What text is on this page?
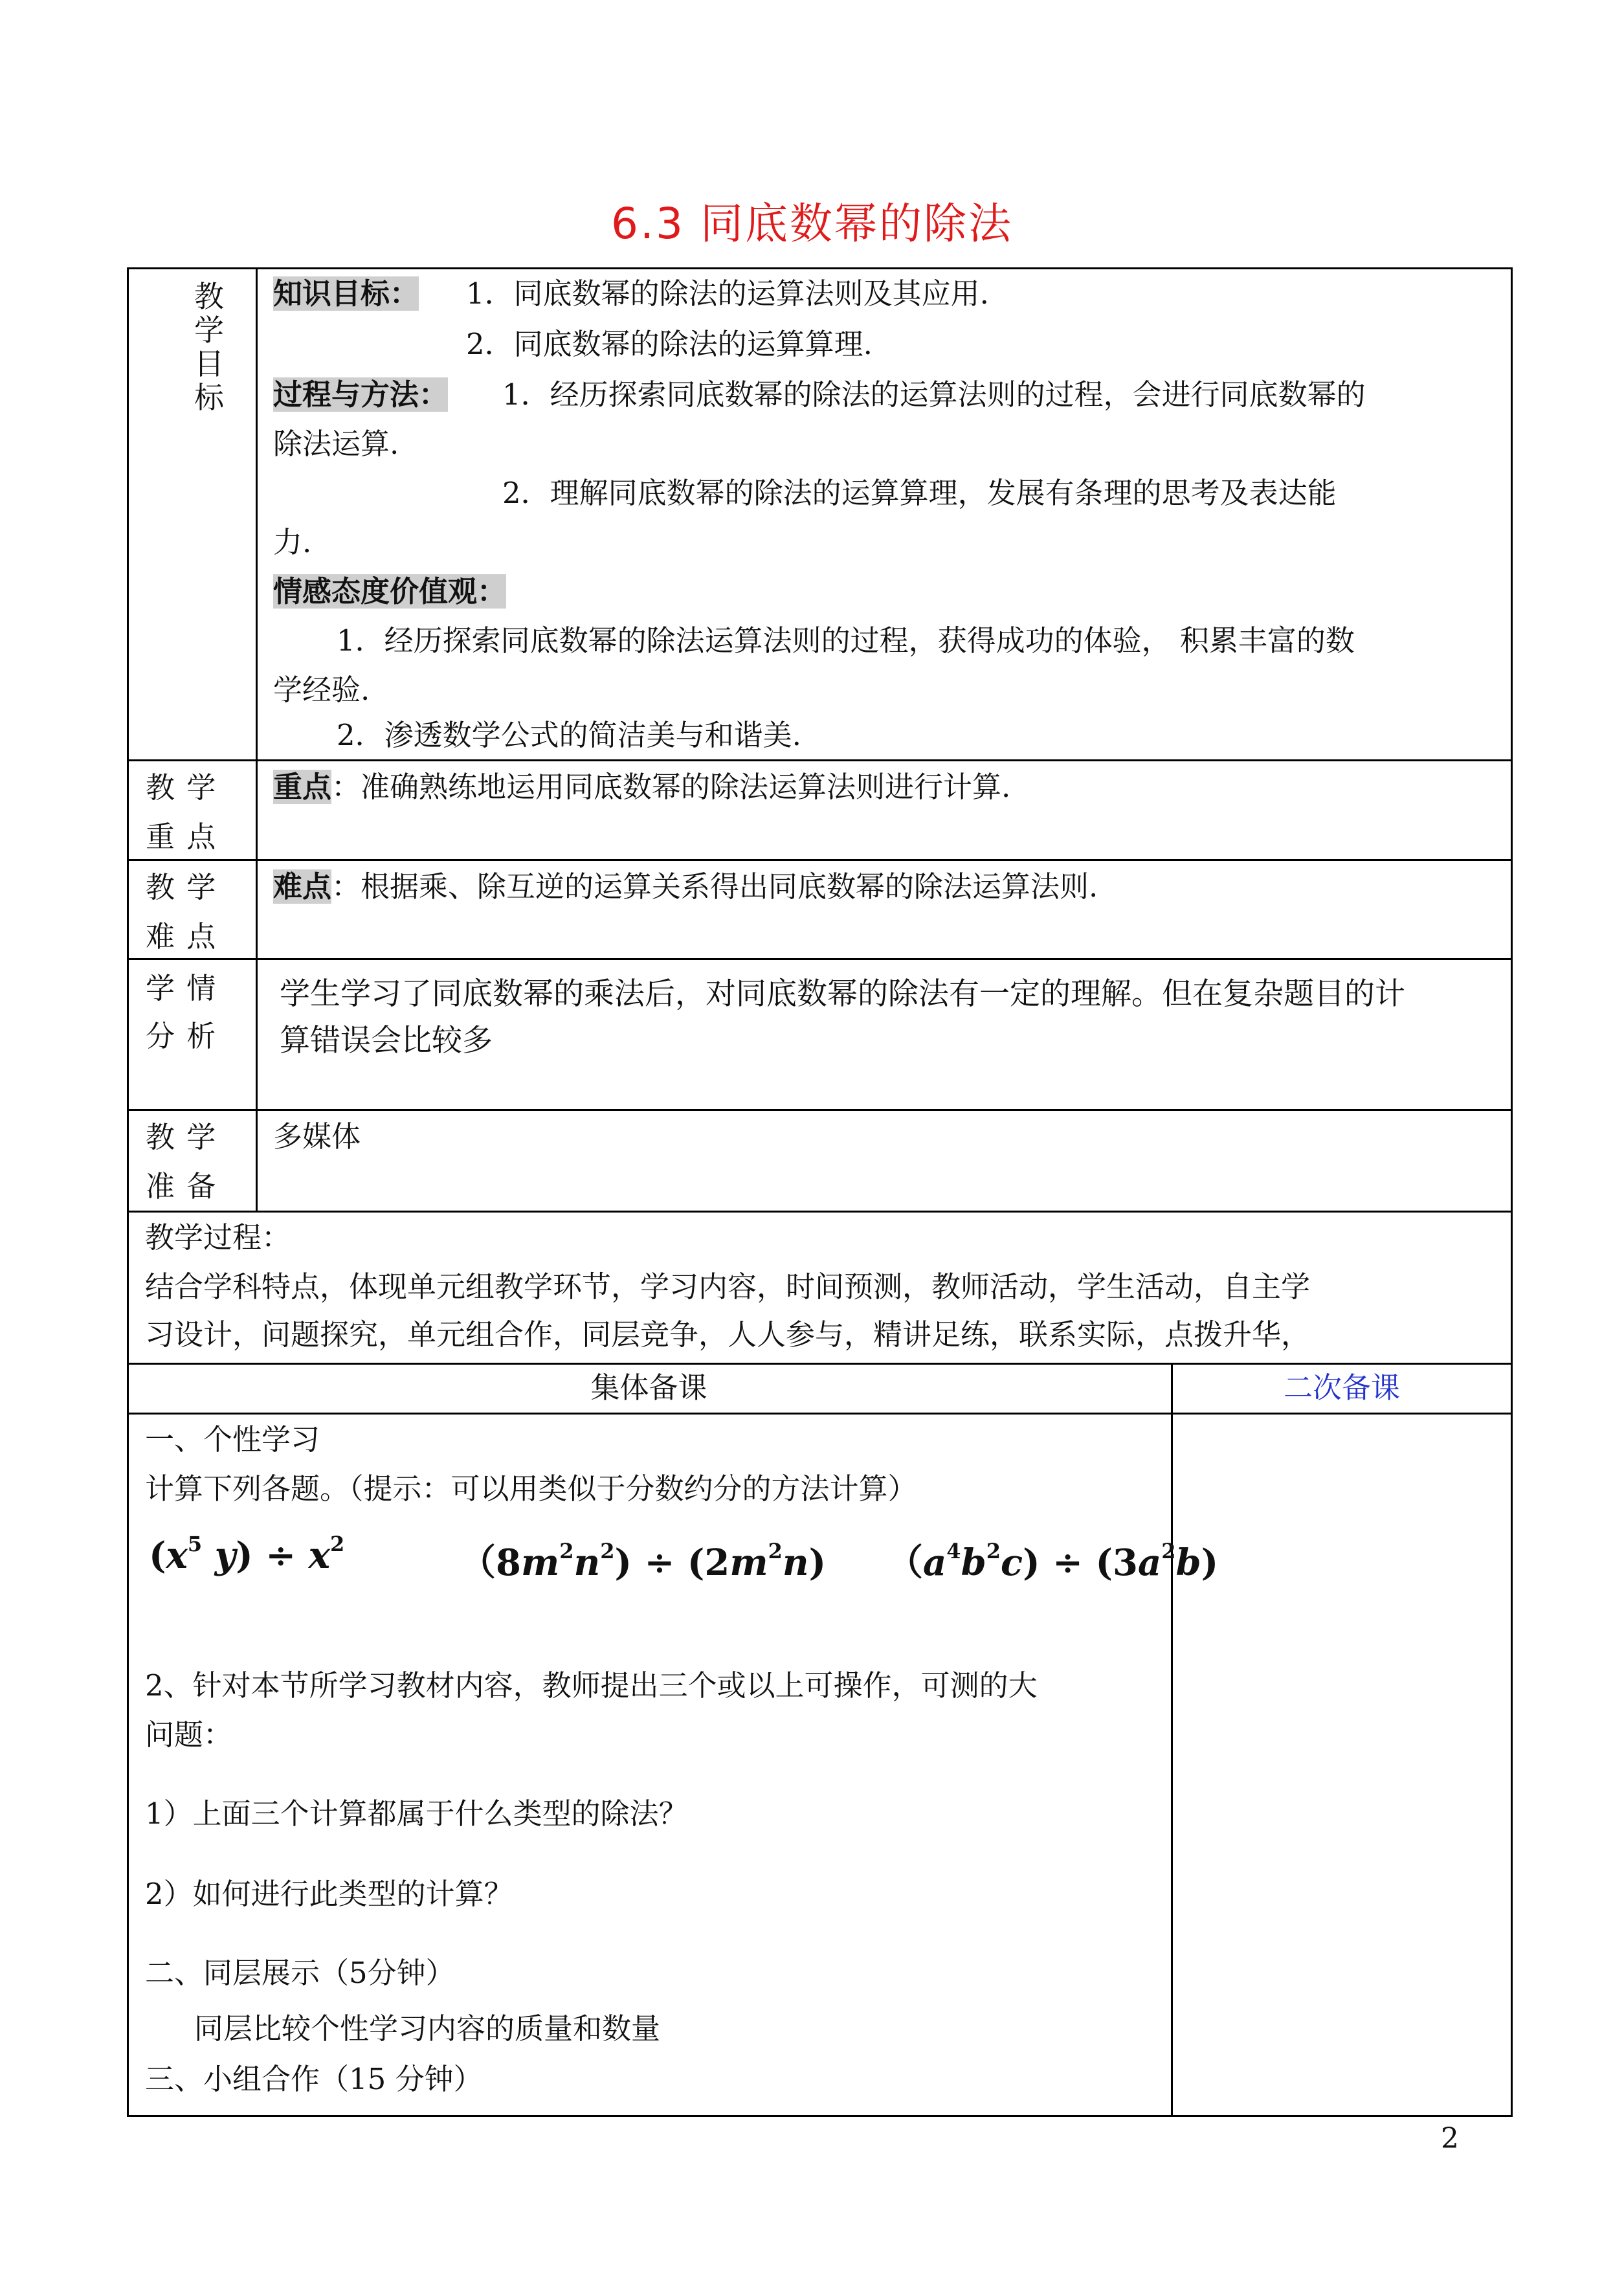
6.3 同底数幂的除法
教学目标
知识目标： 1．同底数幂的除法的运算法则及其应用.
2．同底数幂的除法的运算算理.
过程与方法： 1．经历探索同底数幂的除法的运算法则的过程，会进行同底数幂的
除法运算.
2．理解同底数幂的除法的运算算理，发展有条理的思考及表达能
力.
情感态度价值观：
1．经历探索同底数幂的除法运算法则的过程，获得成功的体验， 积累丰富的数
学经验.
2．渗透数学公式的简洁美与和谐美.
教 学
重 点
重点：准确熟练地运用同底数幂的除法运算法则进行计算.
教 学
难 点
难点：根据乘、除互逆的运算关系得出同底数幂的除法运算法则.
学 情
分 析
学生学习了同底数幂的乘法后，对同底数幂的除法有一定的理解。但在复杂题目的计
算错误会比较多
教 学
准 备
多媒体
教学过程：
结合学科特点，体现单元组教学环节，学习内容，时间预测，教师活动，学生活动，自主学
习设计，问题探究，单元组合作，同层竞争，人人参与，精讲足练，联系实际，点拨升华，
集体备课	二次备课
一、个性学习
计算下列各题。（提示：可以用类似于分数约分的方法计算）
($x^5$ $y) \div x^2$	$(8m^2n^2) \div (2m^2n)$ $(a^4b^2c) \div (3a^2b)$
2、针对本节所学习教材内容，教师提出三个或以上可操作，可测的大
问题：
1）上面三个计算都属于什么类型的除法？
2）如何进行此类型的计算？
二、同层展示（5分钟）
同层比较个性学习内容的质量和数量
三、小组合作（15 分钟）
2
